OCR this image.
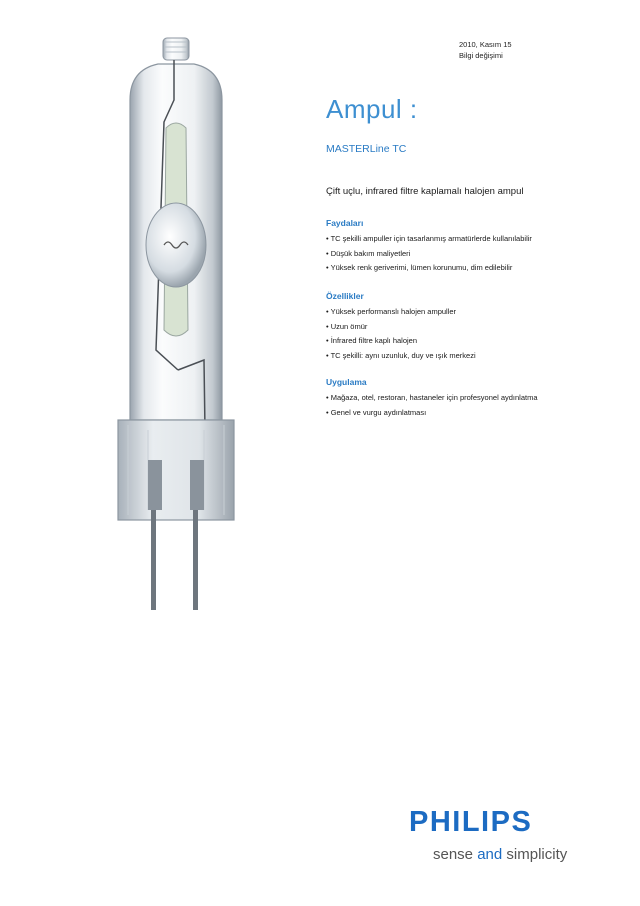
2010, Kasım 15
Bilgi değişimi
Ampul :
MASTERLine TC
Çift uçlu, infrared filtre kaplamalı halojen ampul
Faydaları
• TC şekilli ampuller için tasarlanmış armatürlerde kullanılabilir
• Düşük bakım maliyetleri
• Yüksek renk geriverimi, lümen korunumu, dim edilebilir
Özellikler
• Yüksek performanslı halojen ampuller
• Uzun ömür
• İnfrared filtre kaplı halojen
• TC şekilli: aynı uzunluk, duy ve ışık merkezi
Uygulama
• Mağaza, otel, restoran, hastaneler için profesyonel aydınlatma
• Genel ve vurgu aydınlatması
PHILIPS
sense and simplicity
